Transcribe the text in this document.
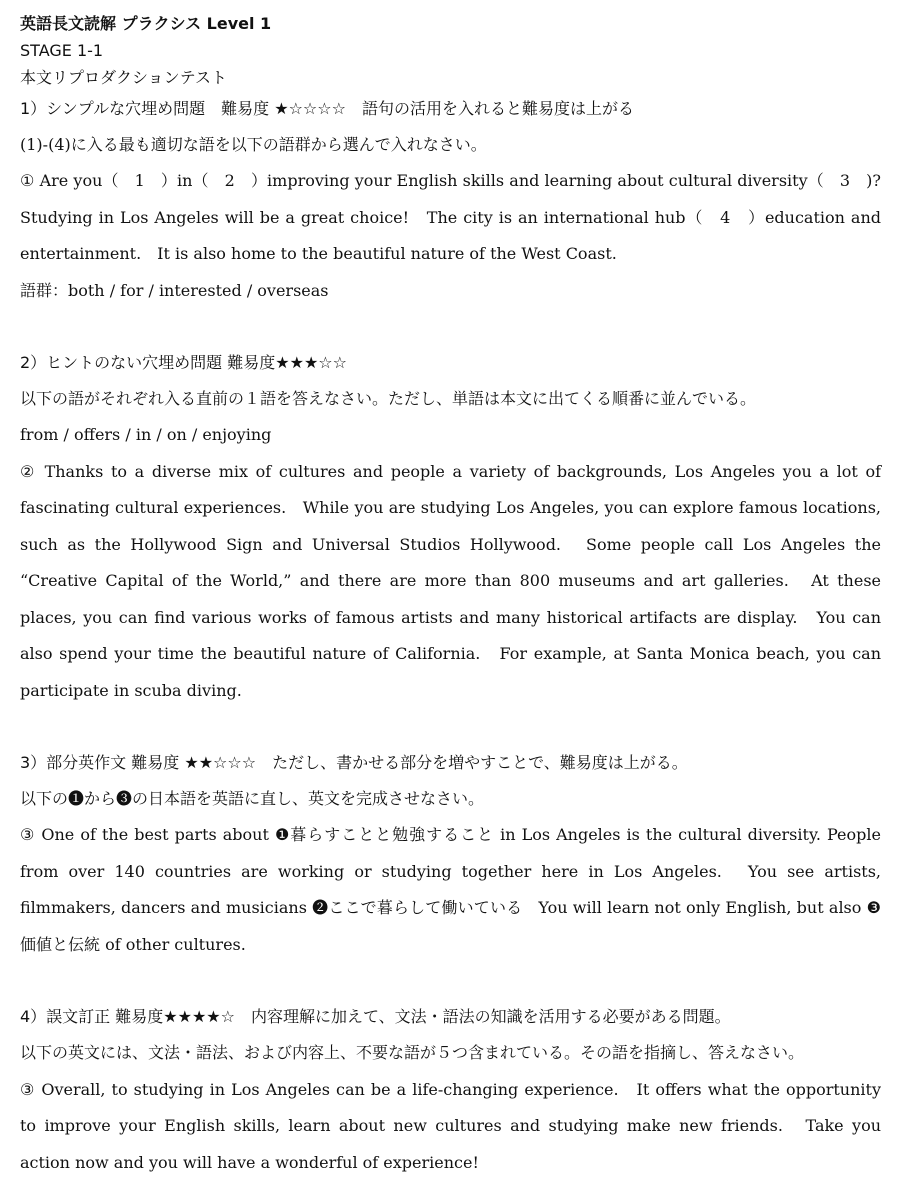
英語長文読解 プラクシス Level 1
STAGE 1-1
本文リプロダクションテスト
1）シンプルな穴埋め問題　難易度 ★☆☆☆☆　語句の活用を入れると難易度は上がる
(1)-(4)に入る最も適切な語を以下の語群から選んで入れなさい。

① Are you（　1　）in（　2　）improving your English skills and learning about cultural diversity（　3　)? Studying in Los Angeles will be a great choice!　The city is an international hub（　4　）education and entertainment.　It is also home to the beautiful nature of the West Coast.

語群：both / for / interested / overseas
2）ヒントのない穴埋め問題 難易度★★★☆☆
以下の語がそれぞれ入る直前の１語を答えなさい。ただし、単語は本文に出てくる順番に並んでいる。
from / offers / in / on / enjoying

② Thanks to a diverse mix of cultures and people a variety of backgrounds, Los Angeles you a lot of fascinating cultural experiences.　While you are studying Los Angeles, you can explore famous locations, such as the Hollywood Sign and Universal Studios Hollywood.　Some people call Los Angeles the “Creative Capital of the World,” and there are more than 800 museums and art galleries.　At these places, you can find various works of famous artists and many historical artifacts are display.　You can also spend your time the beautiful nature of California.　For example, at Santa Monica beach, you can participate in scuba diving.

3）部分英作文 難易度 ★★☆☆☆　ただし、書かせる部分を増やすことで、難易度は上がる。
以下の❶から❸の日本語を英語に直し、英文を完成させなさい。

③ One of the best parts about ❶暮らすことと勉強すること in Los Angeles is the cultural diversity. People from over 140 countries are working or studying together here in Los Angeles.　You see artists, filmmakers, dancers and musicians ❷ここで暮らして働いている　You will learn not only English, but also ❸価値と伝統 of other cultures.

4）誤文訂正 難易度★★★★☆　内容理解に加えて、文法・語法の知識を活用する必要がある問題。

以下の英文には、文法・語法、および内容上、不要な語が５つ含まれている。その語を指摘し、答えなさい。

③ Overall, to studying in Los Angeles can be a life-changing experience.　It offers what the opportunity to improve your English skills, learn about new cultures and studying make new friends.　Take you action now and you will have a wonderful of experience!
